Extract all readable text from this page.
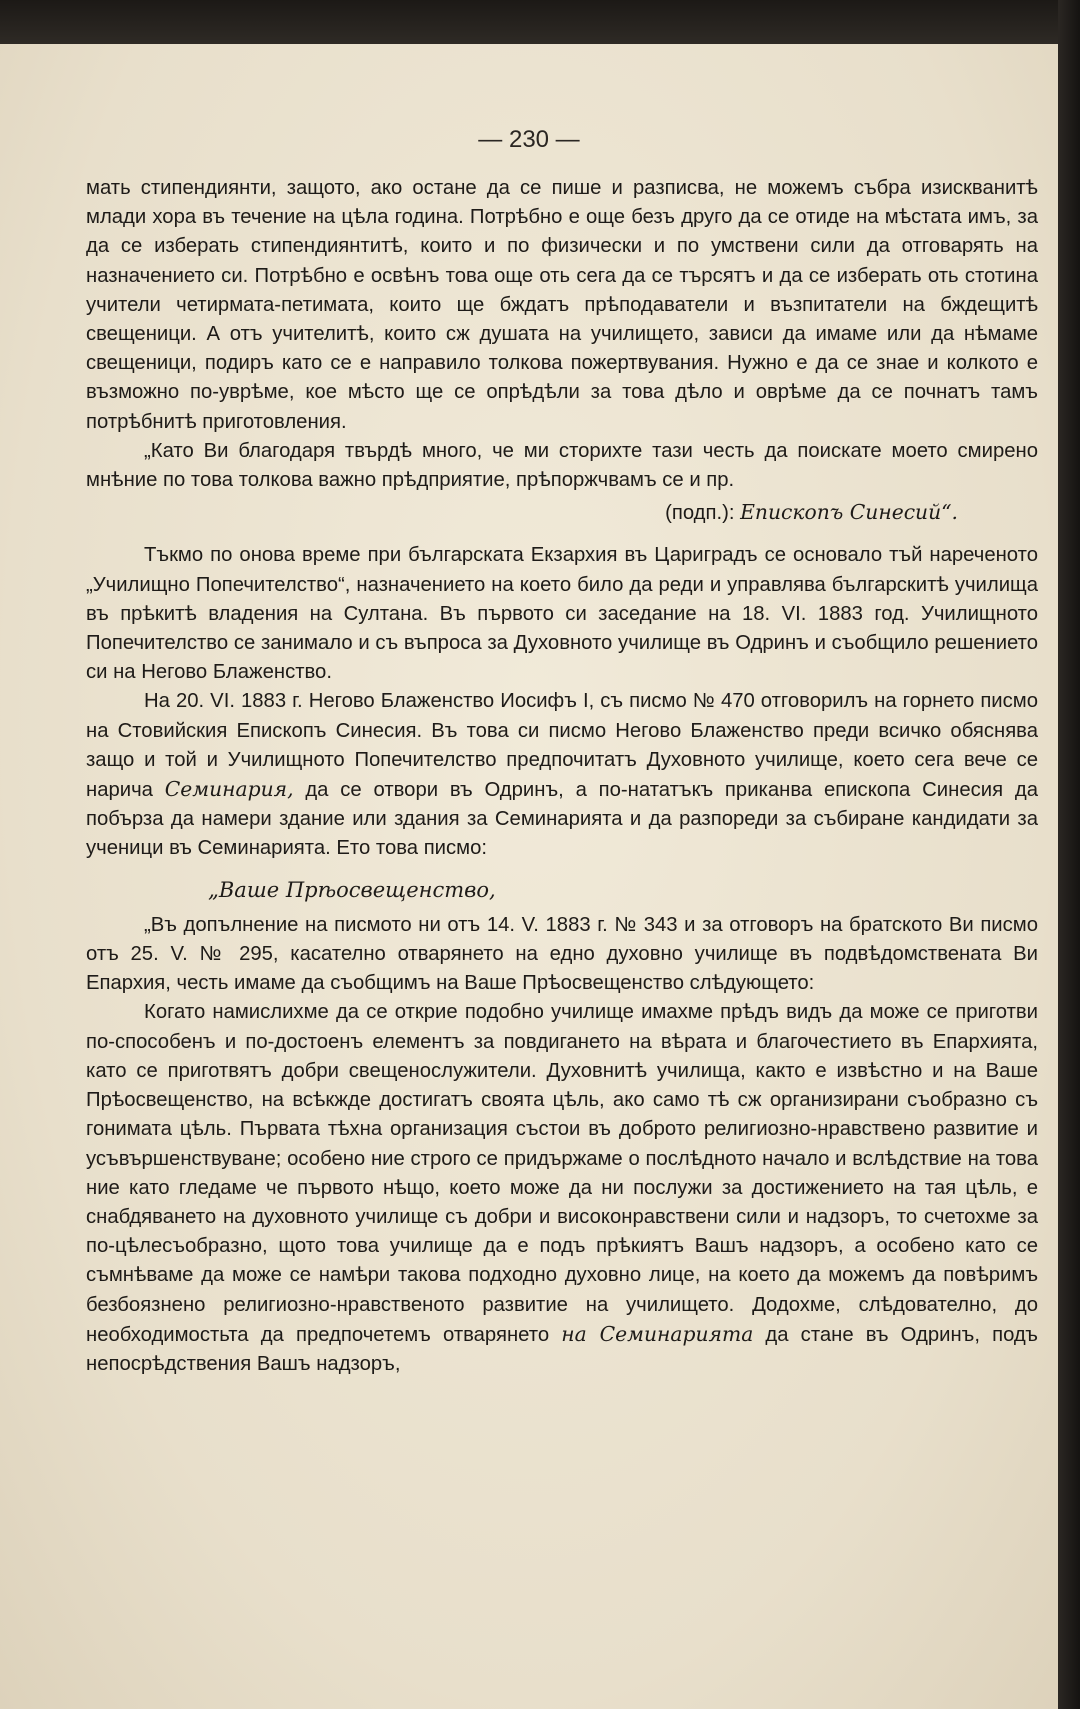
— 230 —

мать стипендиянти, защото, ако остане да се пише и разписва, не можемъ събра изискванитѣ млади хора въ течение на цѣла година. Потрѣбно е още безъ друго да се отиде на мѣстата имъ, за да се изберать стипендиянтитѣ, които и по физически и по умствени сили да отговарять на назначението си. Потрѣбно е освѣнъ това още оть сега да се търсятъ и да се изберать оть стотина учители четирмата-петимата, които ще бждатъ прѣподаватели и възпитатели на бждещитѣ свещеници. А отъ учителитѣ, които сж душата на училището, зависи да имаме или да нѣмаме свещеници, подиръ като се е направило толкова пожертвувания. Нужно е да се знае и колкото е възможно по-уврѣме, кое мѣсто ще се опрѣдѣли за това дѣло и оврѣме да се почнатъ тамъ потрѣбнитѣ приготовления.

„Като Ви благодаря твърдѣ много, че ми сторихте тази честь да поискате моето смирено мнѣние по това толкова важно прѣдприятие, прѣпоржчвамъ се и пр.

(подп.): Епископъ Синесий“.

Тъкмо по онова време при българската Екзархия въ Цариградъ се основало тъй нареченото „Училищно Попечителство“, назначението на което било да реди и управлява българскитѣ училища въ прѣкитѣ владения на Султана. Въ първото си заседание на 18. VI. 1883 год. Училищното Попечителство се занимало и съ въпроса за Духовното училище въ Одринъ и съобщило решението си на Негово Блаженство.

На 20. VI. 1883 г. Негово Блаженство Иосифъ I, съ писмо № 470 отговорилъ на горнето писмо на Стовийския Епископъ Синесия. Въ това си писмо Негово Блаженство преди всичко обяснява защо и той и Училищното Попечителство предпочитатъ Духовното училище, което сега вече се нарича Семинария, да се отвори въ Одринъ, а по-нататъкъ приканва епископа Синесия да побърза да намери здание или здания за Семинарията и да разпореди за събиране кандидати за ученици въ Семинарията. Ето това писмо:

„Ваше Прѣосвещенство,

„Въ допълнение на писмото ни отъ 14. V. 1883 г. № 343 и за отговоръ на братското Ви писмо отъ 25. V. № 295, касателно отварянето на едно духовно училище въ подвѣдомствената Ви Епархия, честь имаме да съобщимъ на Ваше Прѣосвещенство слѣдующето:

Когато намислихме да се открие подобно училище имахме прѣдъ видъ да може се приготви по-способенъ и по-достоенъ елементъ за повдигането на вѣрата и благочестието въ Епархията, като се приготвятъ добри свещенослужители. Духовнитѣ училища, както е извѣстно и на Ваше Прѣосвещенство, на всѣкжде достигатъ своята цѣль, ако само тѣ сж организирани съобразно съ гонимата цѣль. Първата тѣхна организация състои въ доброто религиозно-нравствено развитие и усъвършенствуване; особено ние строго се придържаме о послѣдното начало и вслѣдствие на това ние като гледаме че първото нѣщо, което може да ни послужи за достижението на тая цѣль, е снабдяването на духовното училище съ добри и високонравствени сили и надзоръ, то счетохме за по-цѣлесъобразно, щото това училище да е подъ прѣкиятъ Вашъ надзоръ, а особено като се съмнѣваме да може се намѣри такова подходно духовно лице, на което да можемъ да повѣримъ безбоязнено религиозно-нравственото развитие на училището. Додохме, слѣдователно, до необходимостьта да предпочетемъ отварянето на Семинарията да стане въ Одринъ, подъ непосрѣдствения Вашъ надзоръ,
